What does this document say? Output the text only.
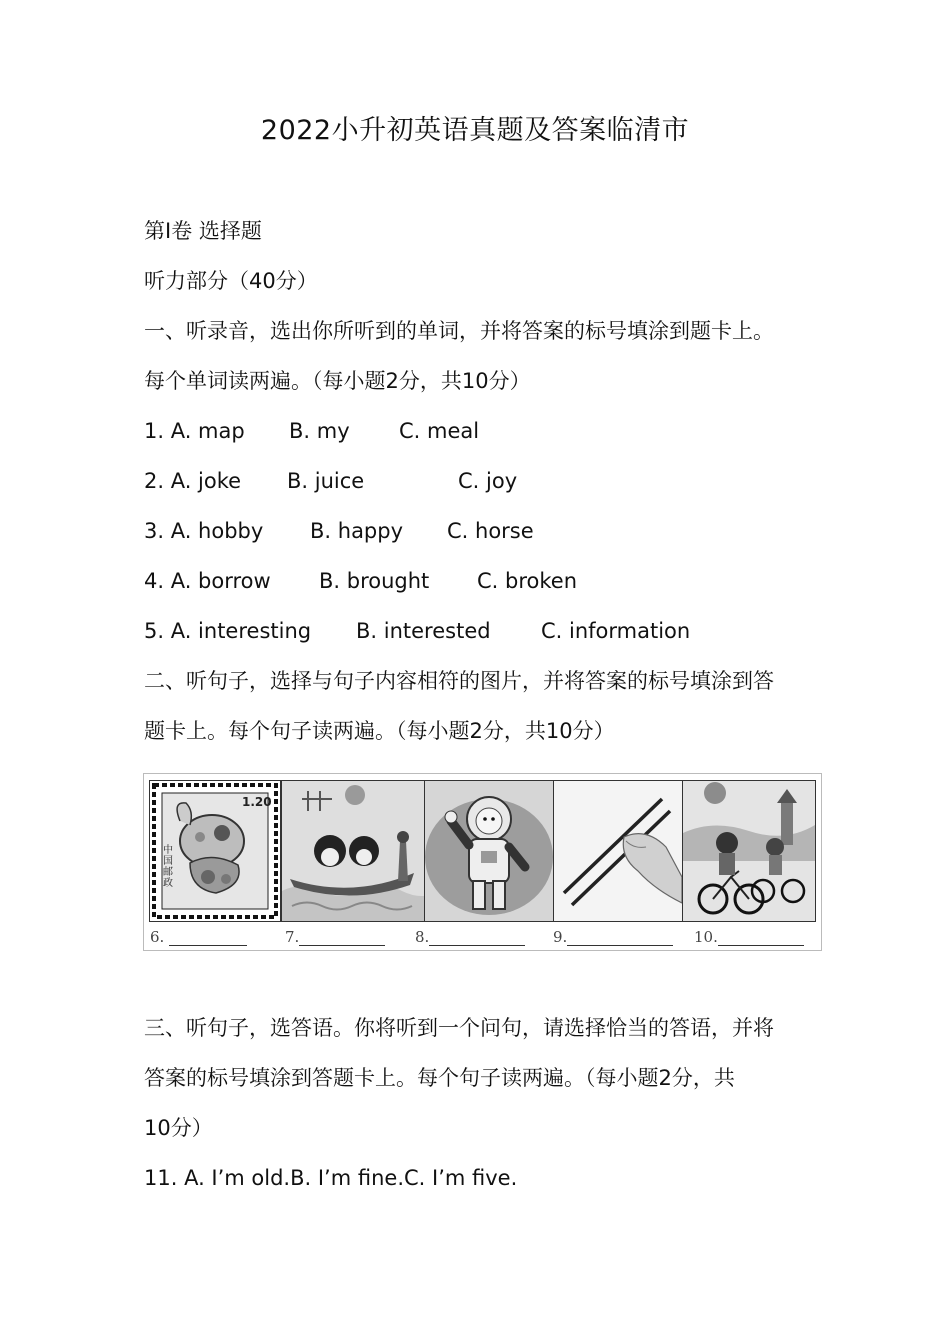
2022小升初英语真题及答案临清市
第Ⅰ卷 选择题
听力部分（40分）
一、听录音，选出你所听到的单词，并将答案的标号填涂到题卡上。
每个单词读两遍。（每小题2分，共10分）
1. A. map B. my C. meal
2. A. joke B. juice	C. joy
3. A. hobby B. happy C. horse
4. A. borrow B. brought C. broken
5. A. interesting B. interested C. information
二、听句子，选择与句子内容相符的图片，并将答案的标号填涂到答
题卡上。每个句子读两遍。（每小题2分，共10分）
1.20
中国邮政
6.	7.	8.	9.	10.
三、听句子，选答语。你将听到一个问句，请选择恰当的答语，并将
答案的标号填涂到答题卡上。每个句子读两遍。（每小题2分，共
10分）
11. A. I’m old.B. I’m fine.C. I’m five.
